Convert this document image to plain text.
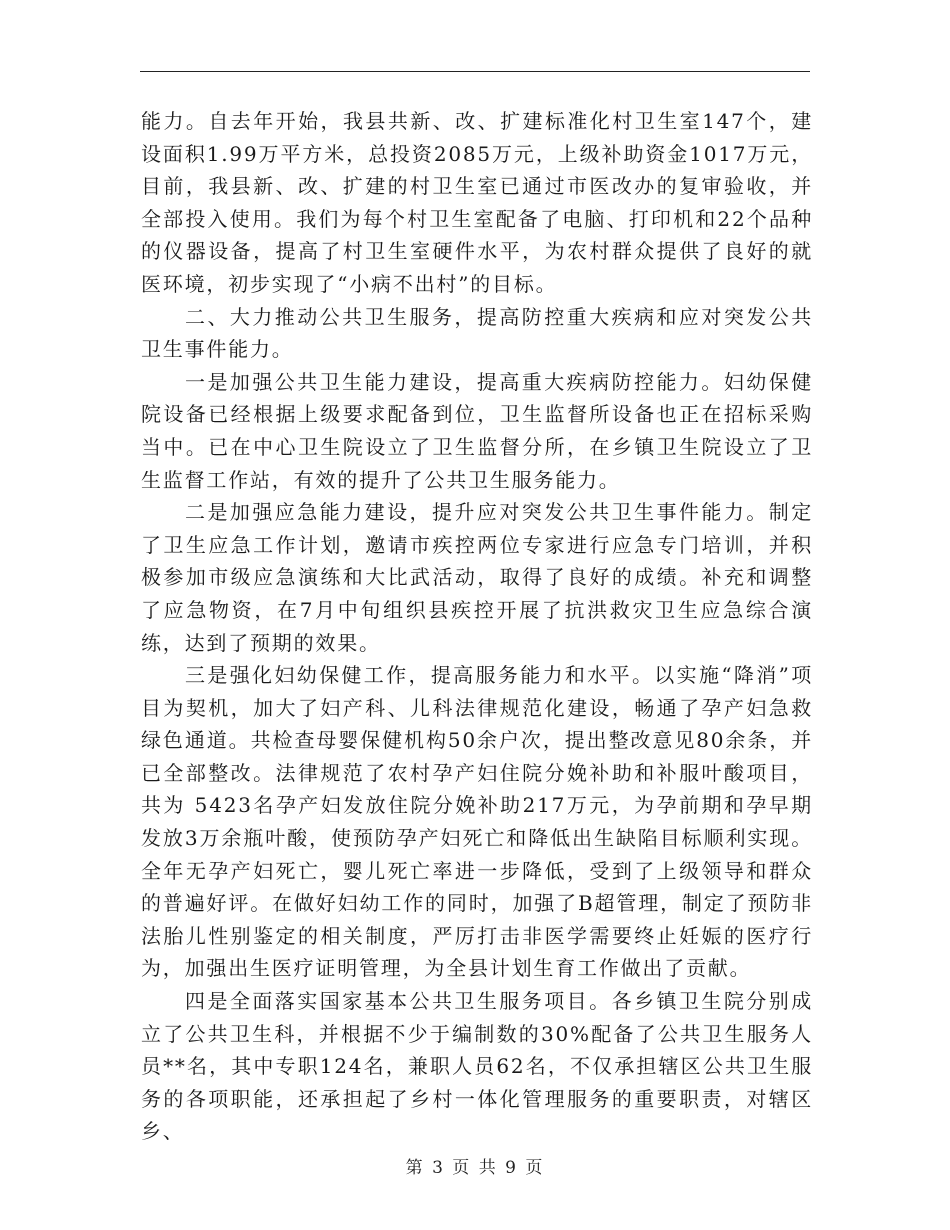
能力。自去年开始，我县共新、改、扩建标准化村卫生室147个，建设面积1.99万平方米，总投资2085万元，上级补助资金1017万元，目前，我县新、改、扩建的村卫生室已通过市医改办的复审验收，并全部投入使用。我们为每个村卫生室配备了电脑、打印机和22个品种的仪器设备，提高了村卫生室硬件水平，为农村群众提供了良好的就医环境，初步实现了“小病不出村”的目标。

二、大力推动公共卫生服务，提高防控重大疾病和应对突发公共卫生事件能力。

一是加强公共卫生能力建设，提高重大疾病防控能力。妇幼保健院设备已经根据上级要求配备到位，卫生监督所设备也正在招标采购当中。已在中心卫生院设立了卫生监督分所，在乡镇卫生院设立了卫生监督工作站，有效的提升了公共卫生服务能力。

二是加强应急能力建设，提升应对突发公共卫生事件能力。制定了卫生应急工作计划，邀请市疾控两位专家进行应急专门培训，并积极参加市级应急演练和大比武活动，取得了良好的成绩。补充和调整了应急物资，在7月中旬组织县疾控开展了抗洪救灾卫生应急综合演练，达到了预期的效果。

三是强化妇幼保健工作，提高服务能力和水平。以实施“降消”项目为契机，加大了妇产科、儿科法律规范化建设，畅通了孕产妇急救绿色通道。共检查母婴保健机构50余户次，提出整改意见80余条，并已全部整改。法律规范了农村孕产妇住院分娩补助和补服叶酸项目，共为 5423名孕产妇发放住院分娩补助217万元，为孕前期和孕早期发放3万余瓶叶酸，使预防孕产妇死亡和降低出生缺陷目标顺利实现。全年无孕产妇死亡，婴儿死亡率进一步降低，受到了上级领导和群众的普遍好评。在做好妇幼工作的同时，加强了B超管理，制定了预防非法胎儿性别鉴定的相关制度，严厉打击非医学需要终止妊娠的医疗行为，加强出生医疗证明管理，为全县计划生育工作做出了贡献。

四是全面落实国家基本公共卫生服务项目。各乡镇卫生院分别成立了公共卫生科，并根据不少于编制数的30%配备了公共卫生服务人员**名，其中专职124名，兼职人员62名，不仅承担辖区公共卫生服务的各项职能，还承担起了乡村一体化管理服务的重要职责，对辖区乡、

第 3 页 共 9 页
